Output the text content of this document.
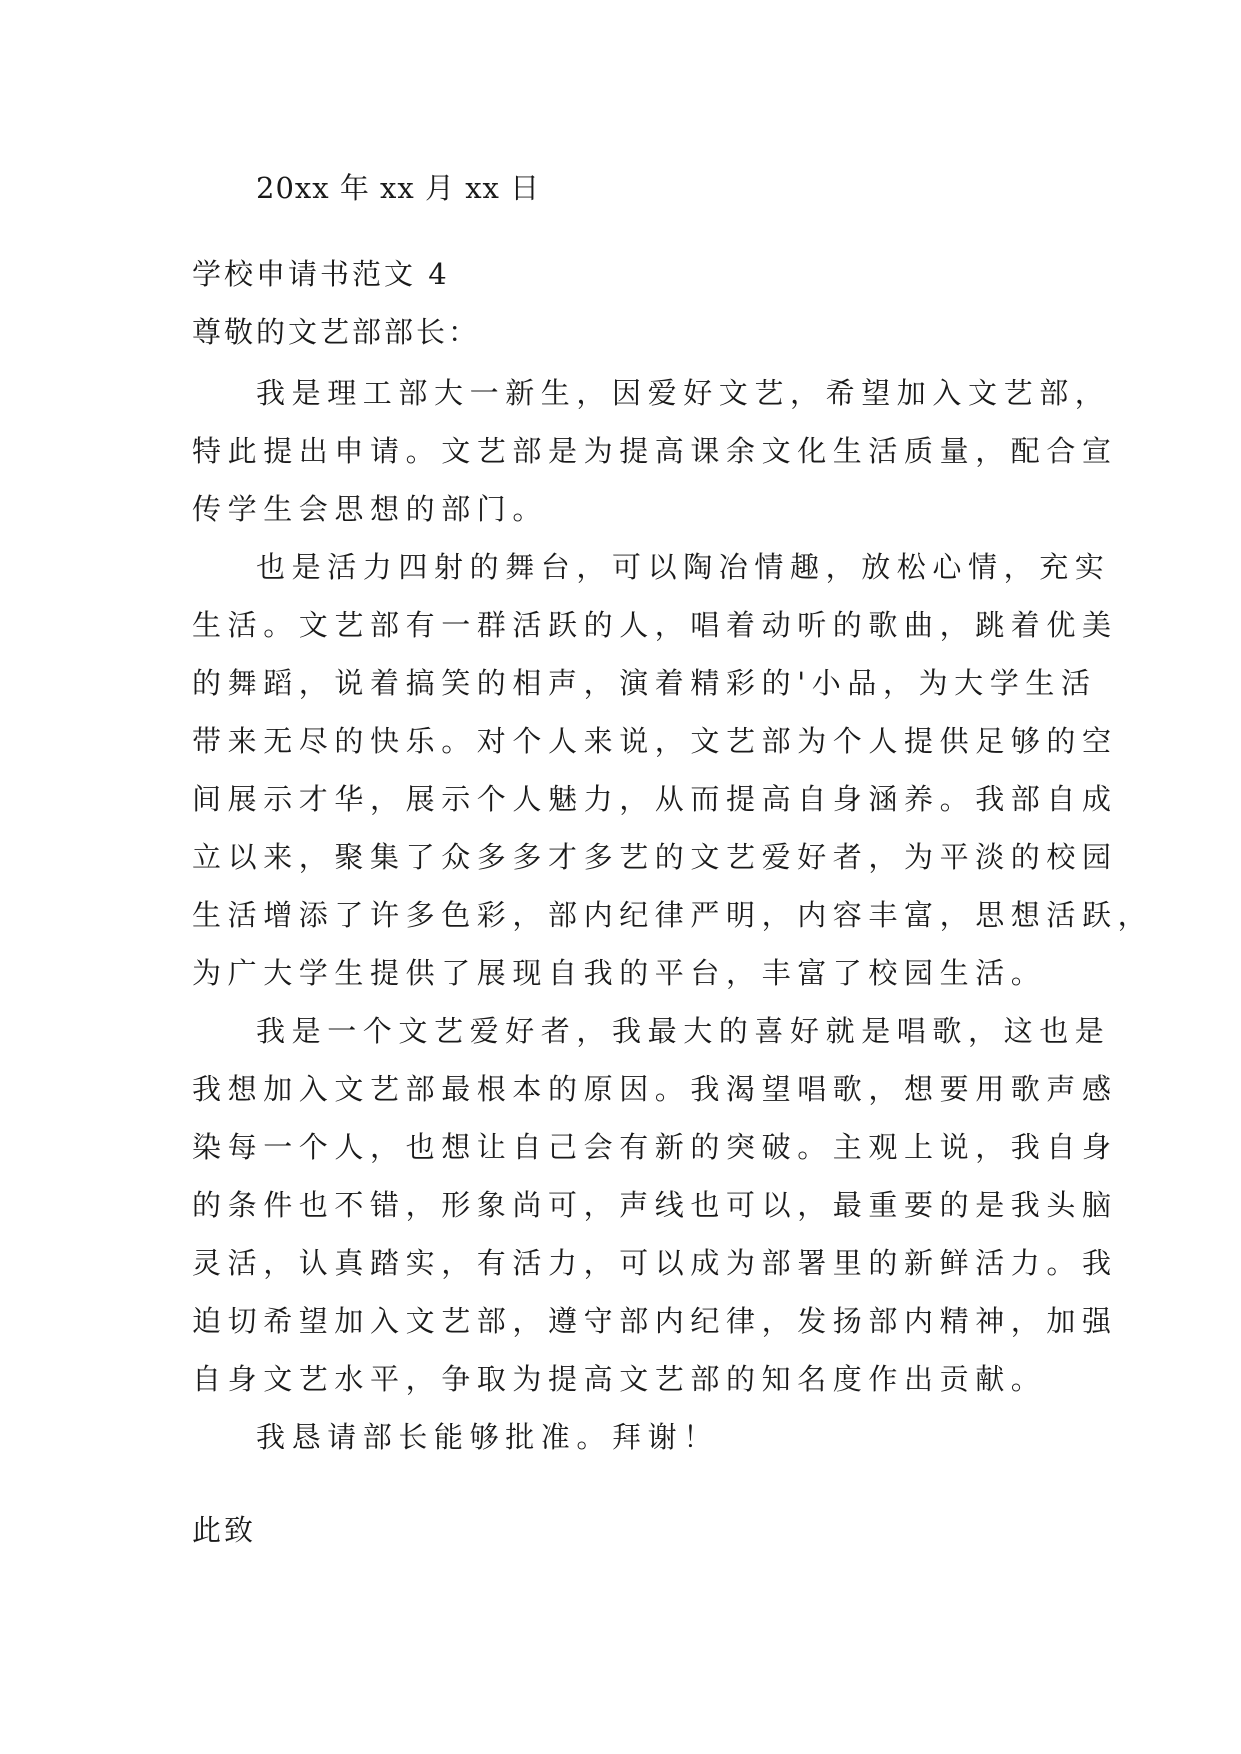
20xx 年 xx 月 xx 日
学校申请书范文 4
尊敬的文艺部部长：

我是理工部大一新生，因爱好文艺，希望加入文艺部，
特此提出申请。文艺部是为提高课余文化生活质量，配合宣
传学生会思想的部门。

也是活力四射的舞台，可以陶冶情趣，放松心情，充实
生活。文艺部有一群活跃的人，唱着动听的歌曲，跳着优美
的舞蹈，说着搞笑的相声，演着精彩的'小品，为大学生活
带来无尽的快乐。对个人来说，文艺部为个人提供足够的空
间展示才华，展示个人魅力，从而提高自身涵养。我部自成
立以来，聚集了众多多才多艺的文艺爱好者，为平淡的校园
生活增添了许多色彩，部内纪律严明，内容丰富，思想活跃，
为广大学生提供了展现自我的平台，丰富了校园生活。

我是一个文艺爱好者，我最大的喜好就是唱歌，这也是
我想加入文艺部最根本的原因。我渴望唱歌，想要用歌声感
染每一个人，也想让自己会有新的突破。主观上说，我自身
的条件也不错，形象尚可，声线也可以，最重要的是我头脑
灵活，认真踏实，有活力，可以成为部署里的新鲜活力。我
迫切希望加入文艺部，遵守部内纪律，发扬部内精神，加强
自身文艺水平，争取为提高文艺部的知名度作出贡献。

我恳请部长能够批准。拜谢！

此致
